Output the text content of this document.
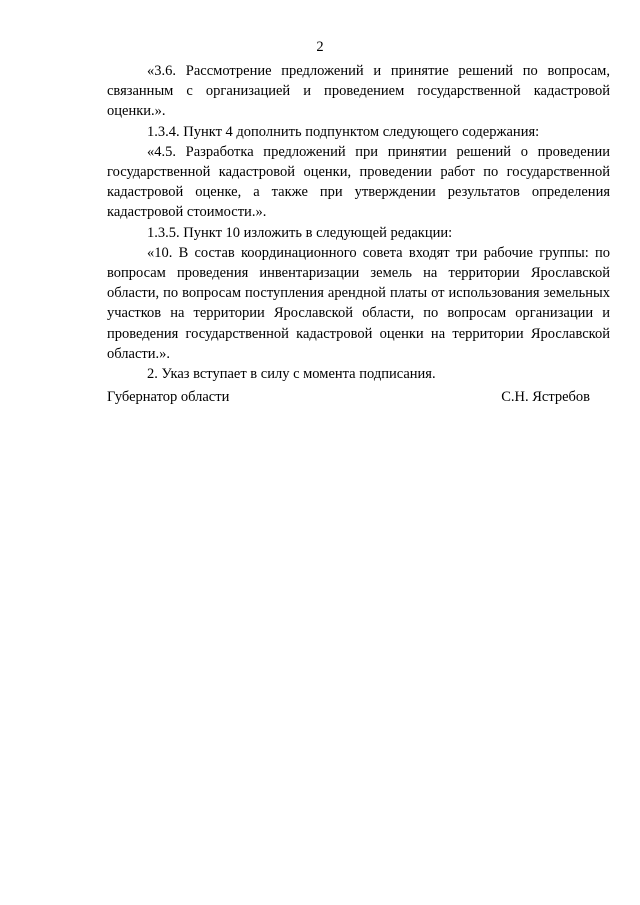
2

«3.6. Рассмотрение предложений и принятие решений по вопросам, связанным с организацией и проведением государственной кадастровой оценки.».

1.3.4. Пункт 4 дополнить подпунктом следующего содержания:

«4.5. Разработка предложений при принятии решений о проведении государственной кадастровой оценки, проведении работ по государственной кадастровой оценке, а также при утверждении результатов определения кадастровой стоимости.».

1.3.5. Пункт 10 изложить в следующей редакции:

«10. В состав координационного совета входят три рабочие группы: по вопросам проведения инвентаризации земель на территории Ярославской области, по вопросам поступления арендной платы от использования земельных участков на территории Ярославской области, по вопросам организации и проведения государственной кадастровой оценки на территории Ярославской области.».

2. Указ вступает в силу с момента подписания.

Губернатор области	С.Н. Ястребов
